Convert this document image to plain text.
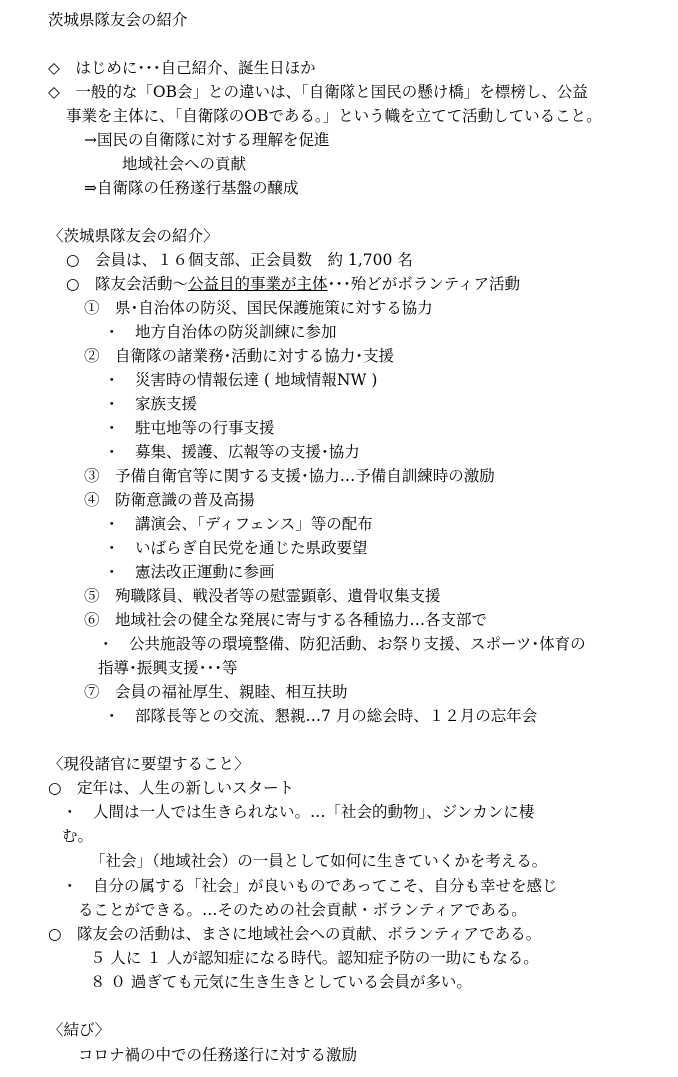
茨城県隊友会の紹介
◇　はじめに･･･自己紹介、誕生日ほか
◇　一般的な「OB会」との違いは、「自衛隊と国民の懸け橋」を標榜し、公益
事業を主体に、「自衛隊のOBである。」という幟を立てて活動していること。
→国民の自衛隊に対する理解を促進
地域社会への貢献
⇒自衛隊の任務遂行基盤の醸成
〈茨城県隊友会の紹介〉
○　会員は、１６個支部、正会員数　約 1,700 名
○　隊友会活動～公益目的事業が主体･･･殆どがボランティア活動
①　県･自治体の防災、国民保護施策に対する協力
・　地方自治体の防災訓練に参加
②　自衛隊の諸業務･活動に対する協力･支援
・　災害時の情報伝達 ( 地域情報NW )
・　家族支援
・　駐屯地等の行事支援
・　募集、援護、広報等の支援･協力
③　予備自衛官等に関する支援･協力…予備自訓練時の激励
④　防衛意識の普及高揚
・　講演会、「ディフェンス」等の配布
・　いばらぎ自民党を通じた県政要望
・　憲法改正運動に参画
⑤　殉職隊員、戦没者等の慰霊顕彰、遺骨収集支援
⑥　地域社会の健全な発展に寄与する各種協力…各支部で
・　公共施設等の環境整備、防犯活動、お祭り支援、スポーツ･体育の
指導･振興支援･･･等
⑦　会員の福祉厚生、親睦、相互扶助
・　部隊長等との交流、懇親…7 月の総会時、１２月の忘年会
〈現役諸官に要望すること〉
○　定年は、人生の新しいスタート
・　人間は一人では生きられない。…「社会的動物」、ジンカンに棲
む。
「社会」（地域社会）の一員として如何に生きていくかを考える。
・　自分の属する「社会」が良いものであってこそ、自分も幸せを感じ
ることができる。…そのための社会貢献・ボランティアである。
○　隊友会の活動は、まさに地域社会への貢献、ボランティアである。
５ 人に １ 人が認知症になる時代。認知症予防の一助にもなる。
８ ０ 過ぎても元気に生き生きとしている会員が多い。
〈結び〉
コロナ禍の中での任務遂行に対する激励
